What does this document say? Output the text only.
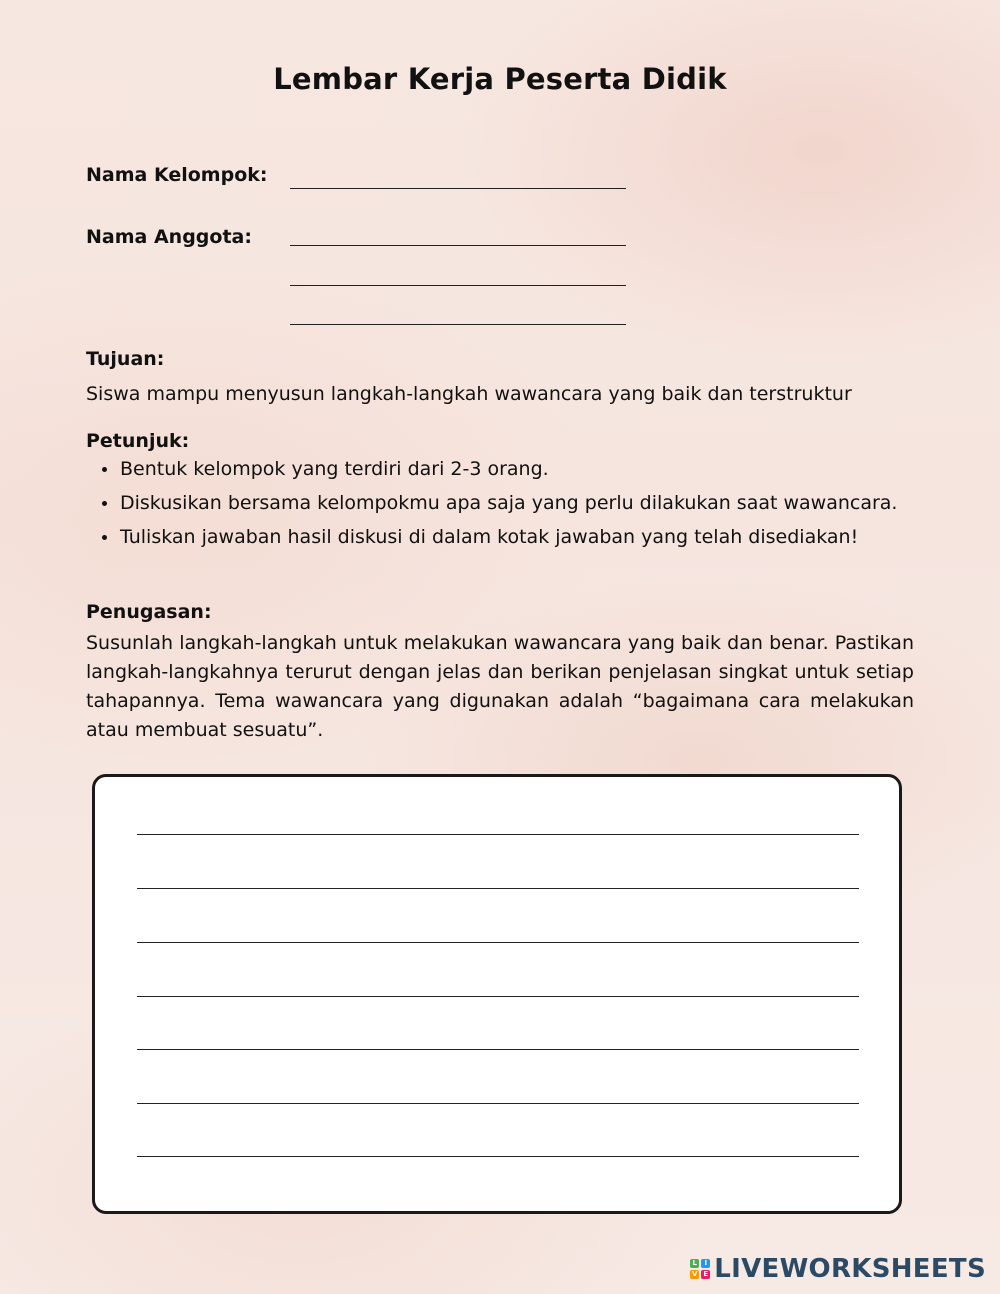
Lembar Kerja Peserta Didik
Nama Kelompok:
Nama Anggota:
Tujuan:
Siswa mampu menyusun langkah-langkah wawancara yang baik dan terstruktur
Petunjuk:
Bentuk kelompok yang terdiri dari 2-3 orang.
Diskusikan bersama kelompokmu apa saja yang perlu dilakukan saat wawancara.
Tuliskan jawaban hasil diskusi di dalam kotak jawaban yang telah disediakan!
Penugasan:
Susunlah langkah-langkah untuk melakukan wawancara yang baik dan benar. Pastikan langkah-langkahnya terurut dengan jelas dan berikan penjelasan singkat untuk setiap tahapannya. Tema wawancara yang digunakan adalah “bagaimana cara melakukan atau membuat sesuatu”.
L	I
V E LIVEWORKSHEETS
